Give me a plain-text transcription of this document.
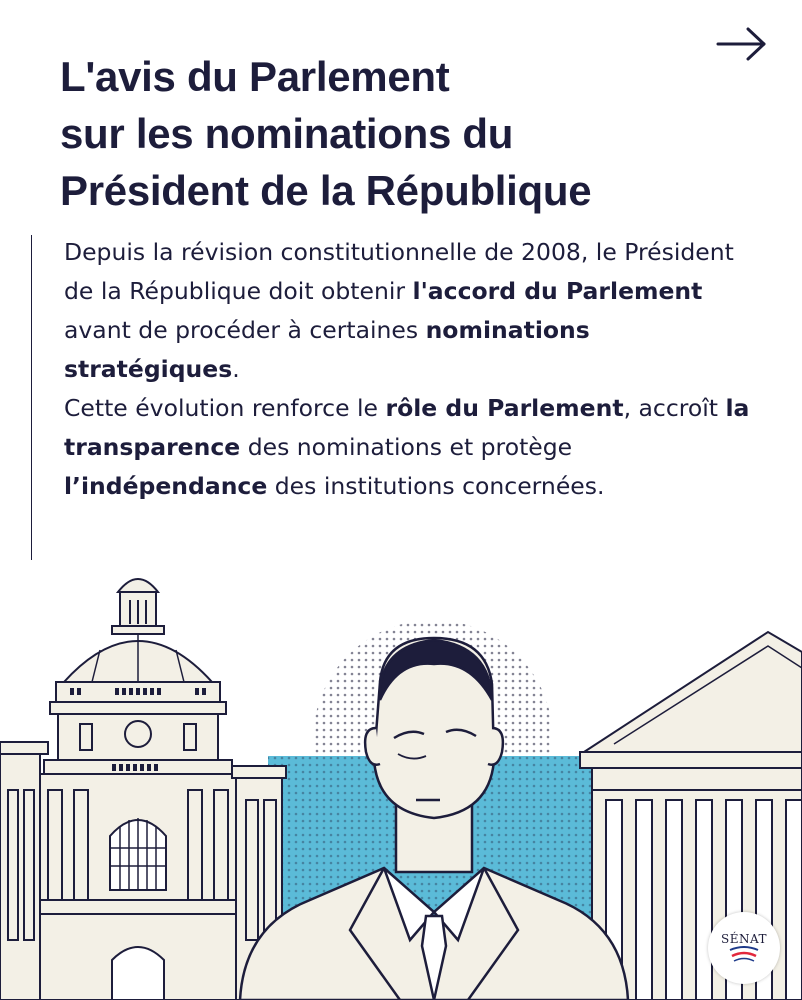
L'avis du Parlement
sur les nominations du
Président de la République

Depuis la révision constitutionnelle de 2008, le Président de la République doit obtenir l'accord du Parlement avant de procéder à certaines nominations stratégiques.

Cette évolution renforce le rôle du Parlement, accroît la transparence des nominations et protège l’indépendance des institutions concernées.

SÉNAT
